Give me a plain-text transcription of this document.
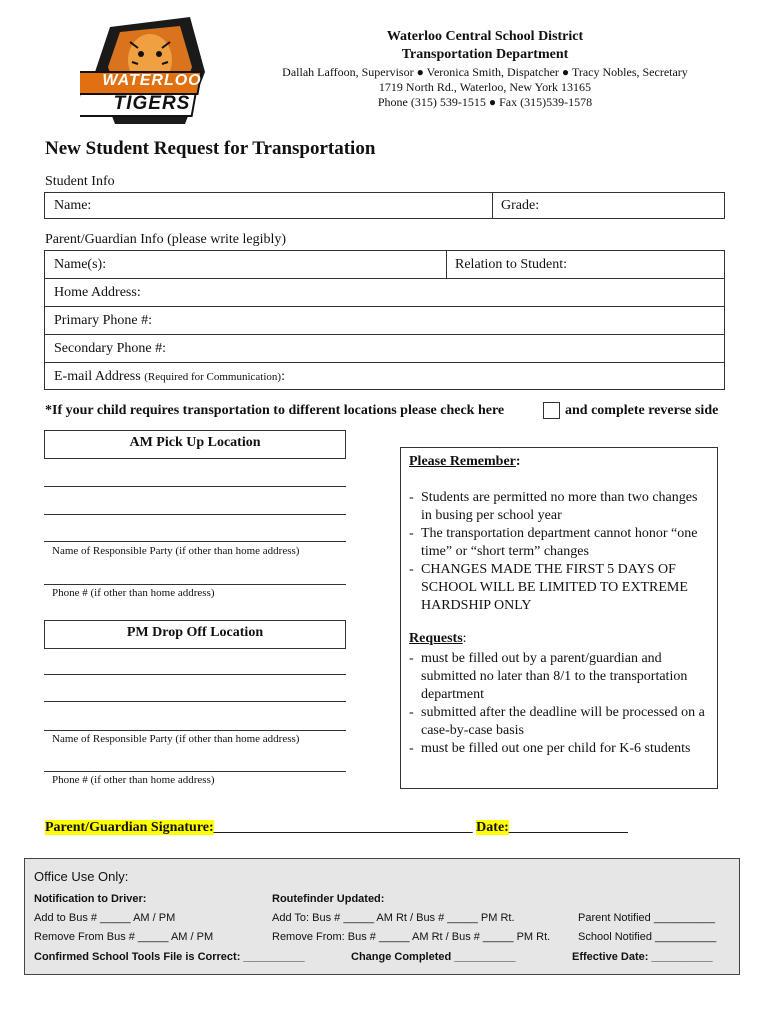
WATERLOO
TIGERS
Waterloo Central School District
Transportation Department
Dallah Laffoon, Supervisor ● Veronica Smith, Dispatcher ● Tracy Nobles, Secretary
1719 North Rd., Waterloo, New York 13165
Phone (315) 539-1515 ● Fax (315)539-1578
New Student Request for Transportation
Student Info
Name:	Grade:
Parent/Guardian Info (please write legibly)
Name(s):	Relation to Student:
Home Address:
Primary Phone #:
Secondary Phone #:
E-mail Address (Required for Communication):
*If your child requires transportation to different locations please check here	and complete reverse side
AM Pick Up Location
Name of Responsible Party (if other than home address)
Phone # (if other than home address)
PM Drop Off Location
Name of Responsible Party (if other than home address)
Phone # (if other than home address)
Please Remember:
- Students are permitted no more than two changes in busing per school year
- The transportation department cannot honor “one time” or “short term” changes
- CHANGES MADE THE FIRST 5 DAYS OF SCHOOL WILL BE LIMITED TO EXTREME HARDSHIP ONLY
Requests:
- must be filled out by a parent/guardian and submitted no later than 8/1 to the transportation department
- submitted after the deadline will be processed on a case-by-case basis
- must be filled out one per child for K-6 students
Parent/Guardian Signature:_____________________________________ Date:_________________
Office Use Only:
Notification to Driver:	Routefinder Updated:
Add to Bus # _____ AM / PM	Add To: Bus # _____ AM Rt / Bus # _____ PM Rt.	Parent Notified __________
Remove From Bus # _____ AM / PM	Remove From: Bus # _____ AM Rt / Bus # _____ PM Rt.	School Notified __________
Confirmed School Tools File is Correct: __________	Change Completed __________	Effective Date: __________
